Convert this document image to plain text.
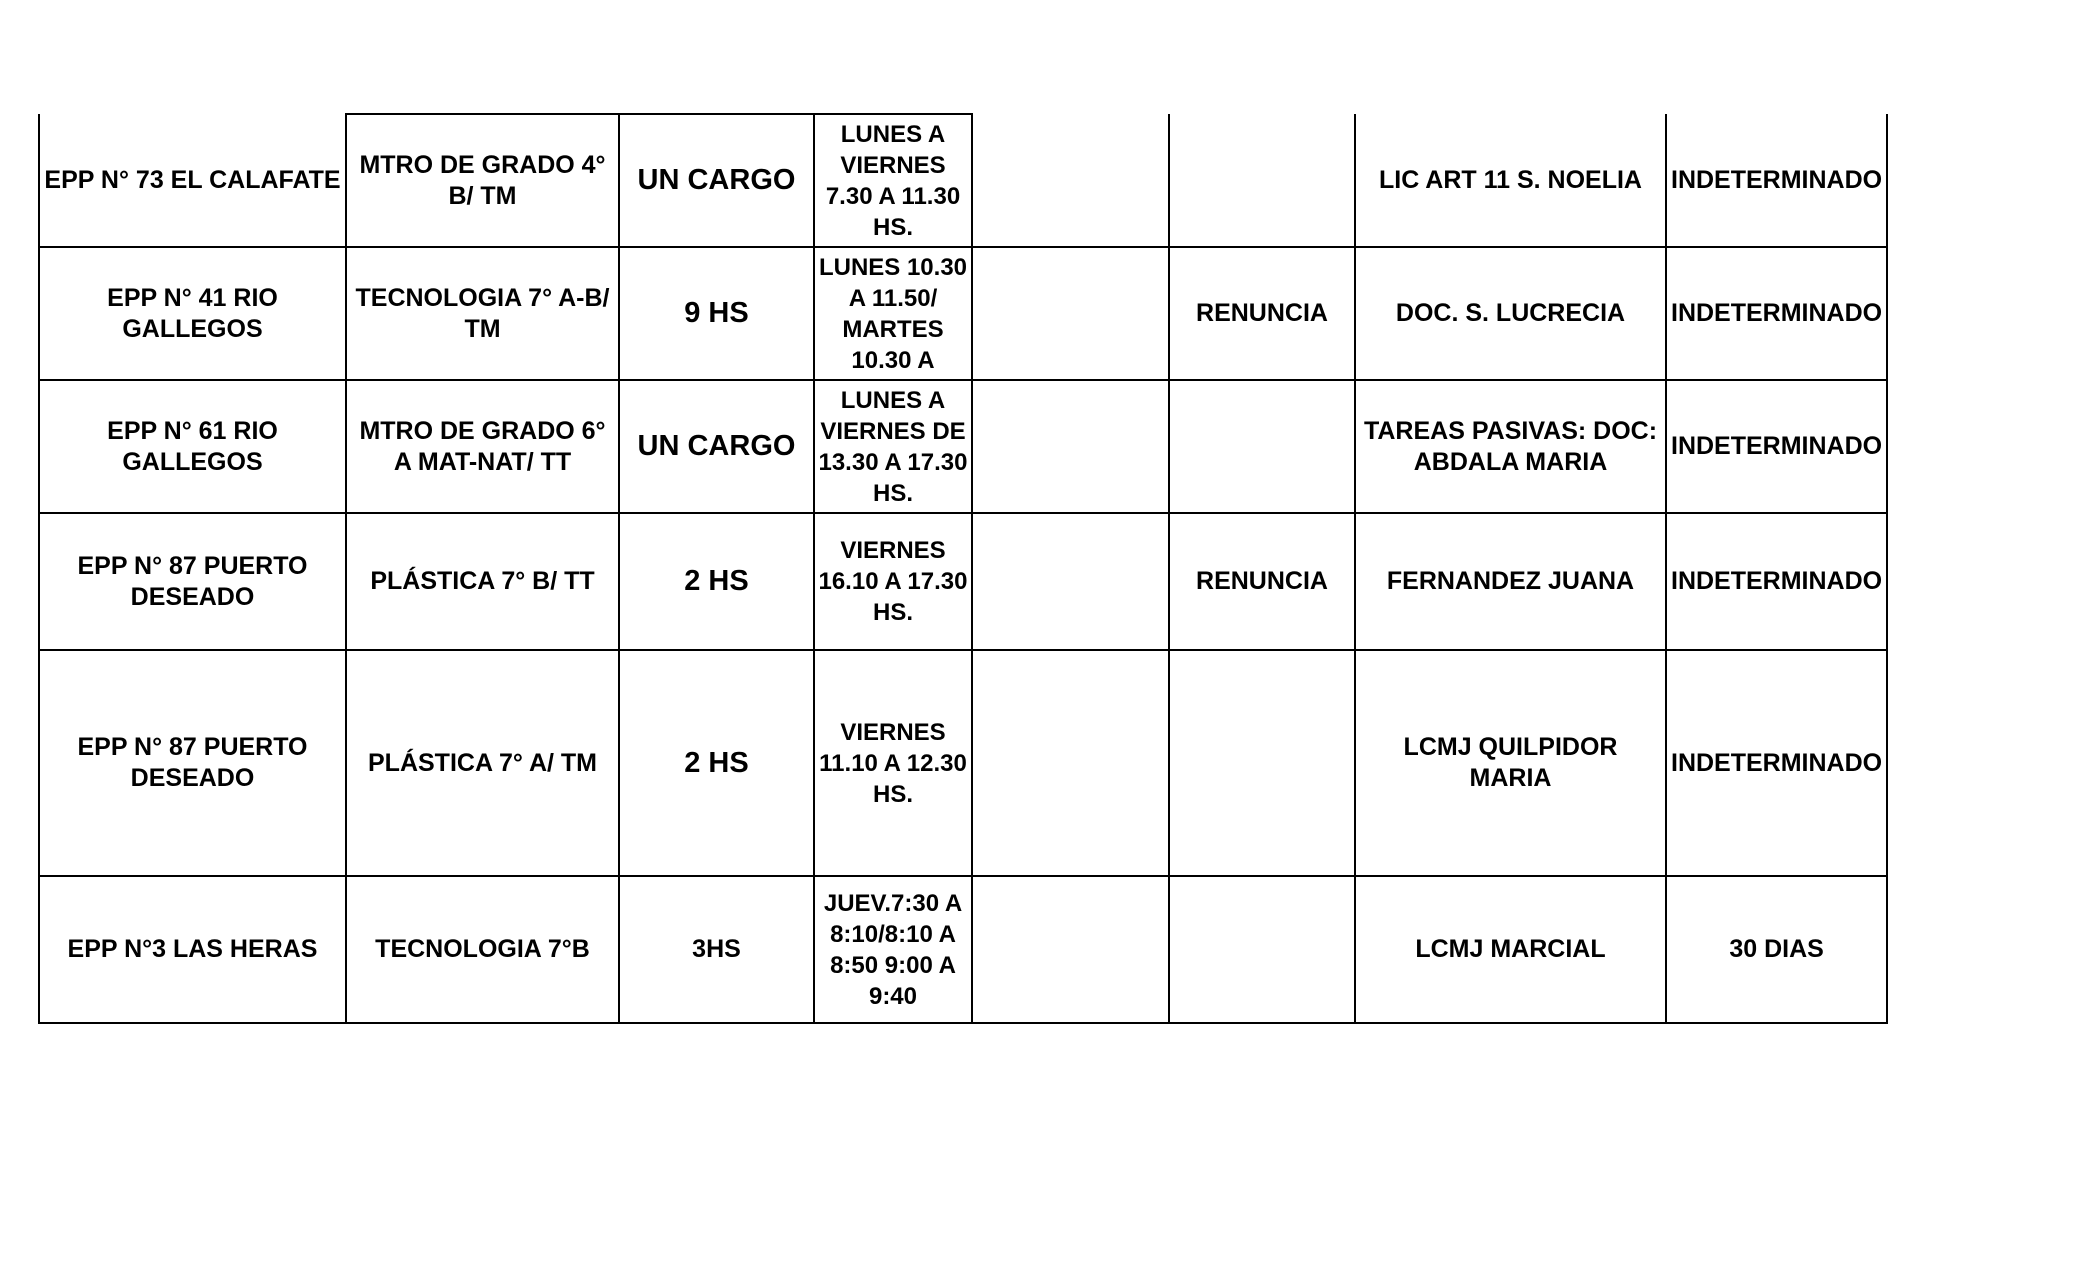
EPP N° 73 EL CALAFATE	MTRO DE GRADO 4° B/ TM	UN CARGO	LUNES A VIERNES 7.30 A 11.30 HS.			LIC ART 11 S. NOELIA	INDETERMINADO
EPP N° 41 RIO GALLEGOS	TECNOLOGIA 7° A-B/ TM	9 HS	LUNES 10.30 A 11.50/ MARTES 10.30 A		RENUNCIA	DOC. S. LUCRECIA	INDETERMINADO
EPP N° 61 RIO GALLEGOS	MTRO DE GRADO 6° A MAT-NAT/ TT	UN CARGO	LUNES A VIERNES DE 13.30 A 17.30 HS.			TAREAS PASIVAS: DOC: ABDALA MARIA	INDETERMINADO
EPP N° 87 PUERTO DESEADO	PLÁSTICA 7° B/ TT	2 HS	VIERNES 16.10 A 17.30 HS.		RENUNCIA	FERNANDEZ JUANA	INDETERMINADO
EPP N° 87 PUERTO DESEADO	PLÁSTICA 7° A/ TM	2 HS	VIERNES 11.10 A 12.30 HS.			LCMJ QUILPIDOR MARIA	INDETERMINADO
EPP N°3 LAS HERAS	TECNOLOGIA 7°B	3HS	JUEV.7:30 A 8:10/8:10 A 8:50 9:00 A 9:40			LCMJ MARCIAL	30 DIAS
